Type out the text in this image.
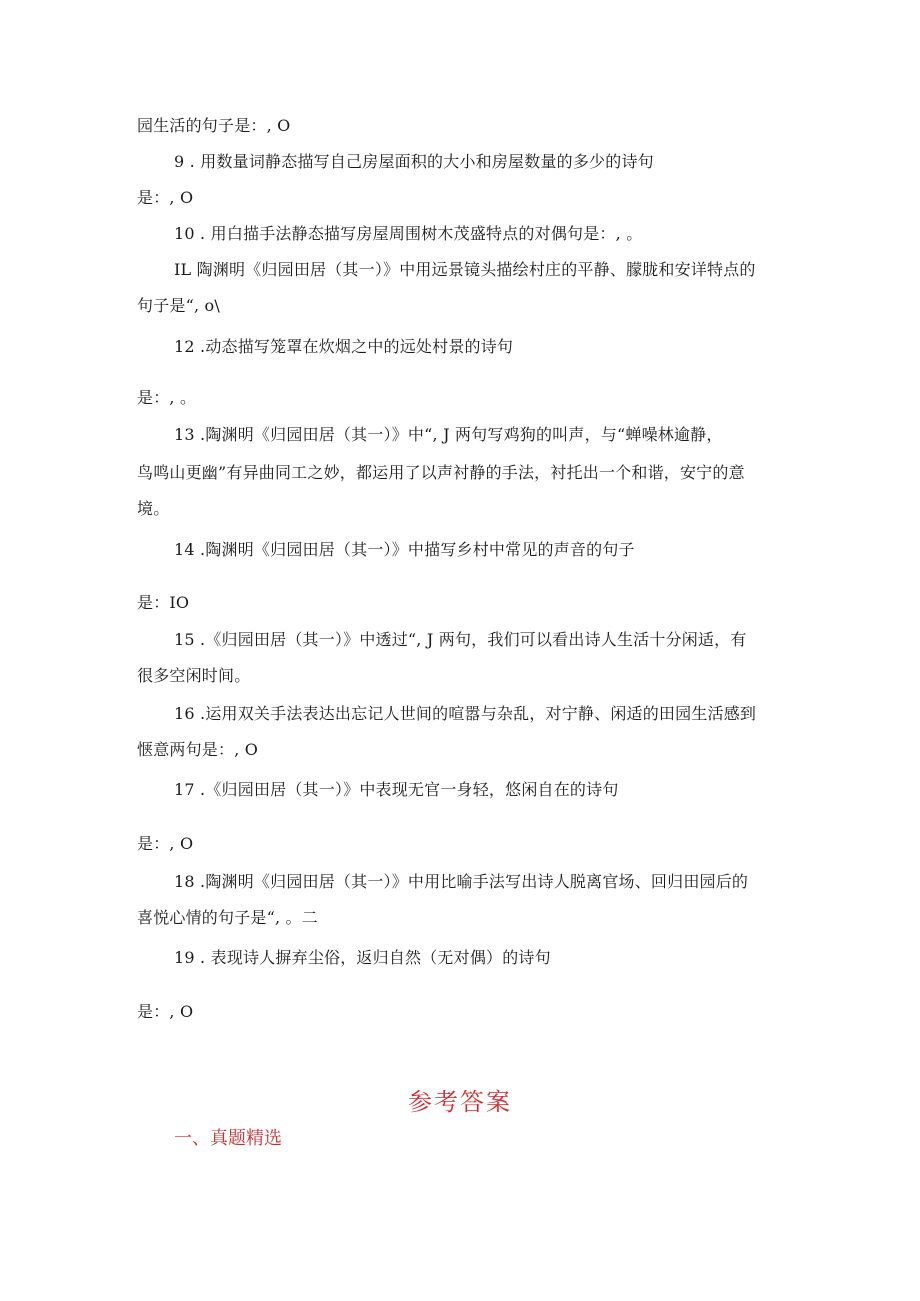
园生活的句子是：, O
9 . 用数量词静态描写自己房屋面积的大小和房屋数量的多少的诗句
是：, O
10 . 用白描手法静态描写房屋周围树木茂盛特点的对偶句是：, 。
IL 陶渊明《归园田居（其一）》中用远景镜头描绘村庄的平静、朦胧和安详特点的
句子是“, o\
12 .动态描写笼罩在炊烟之中的远处村景的诗句
是：, 。
13 .陶渊明《归园田居（其一）》中“, J 两句写鸡狗的叫声，与“蝉噪林逾静，
鸟鸣山更幽”有异曲同工之妙，都运用了以声衬静的手法，衬托出一个和谐，安宁的意
境。
14 .陶渊明《归园田居（其一）》中描写乡村中常见的声音的句子
是：IO
15 .《归园田居（其一）》中透过“, J 两句，我们可以看出诗人生活十分闲适，有
很多空闲时间。
16 .运用双关手法表达出忘记人世间的喧嚣与杂乱，对宁静、闲适的田园生活感到
惬意两句是：, O
17 .《归园田居（其一）》中表现无官一身轻，悠闲自在的诗句
是：, O
18 .陶渊明《归园田居（其一）》中用比喻手法写出诗人脱离官场、回归田园后的
喜悦心情的句子是“, 。二
19 . 表现诗人摒弃尘俗，返归自然（无对偶）的诗句
是：, O
参考答案
一、真题精选
